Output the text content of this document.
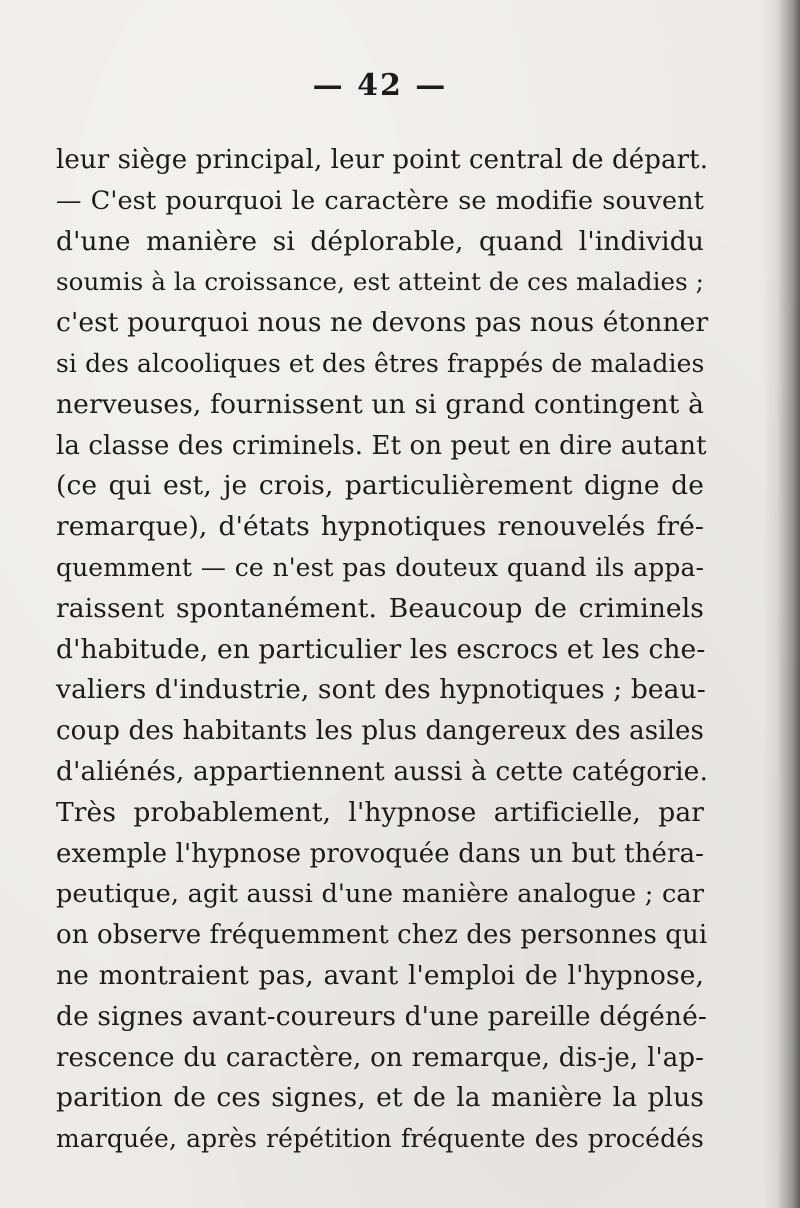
— 42 —
leur siège principal, leur point central de départ.
— C'est pourquoi le caractère se modifie souvent
d'une manière si déplorable, quand l'individu
soumis à la croissance, est atteint de ces maladies ;
c'est pourquoi nous ne devons pas nous étonner
si des alcooliques et des êtres frappés de maladies
nerveuses, fournissent un si grand contingent à
la classe des criminels. Et on peut en dire autant
(ce qui est, je crois, particulièrement digne de
remarque), d'états hypnotiques renouvelés fré-
quemment — ce n'est pas douteux quand ils appa-
raissent spontanément. Beaucoup de criminels
d'habitude, en particulier les escrocs et les che-
valiers d'industrie, sont des hypnotiques ; beau-
coup des habitants les plus dangereux des asiles
d'aliénés, appartiennent aussi à cette catégorie.
Très probablement, l'hypnose artificielle, par
exemple l'hypnose provoquée dans un but théra-
peutique, agit aussi d'une manière analogue ; car
on observe fréquemment chez des personnes qui
ne montraient pas, avant l'emploi de l'hypnose,
de signes avant-coureurs d'une pareille dégéné-
rescence du caractère, on remarque, dis-je, l'ap-
parition de ces signes, et de la manière la plus
marquée, après répétition fréquente des procédés
